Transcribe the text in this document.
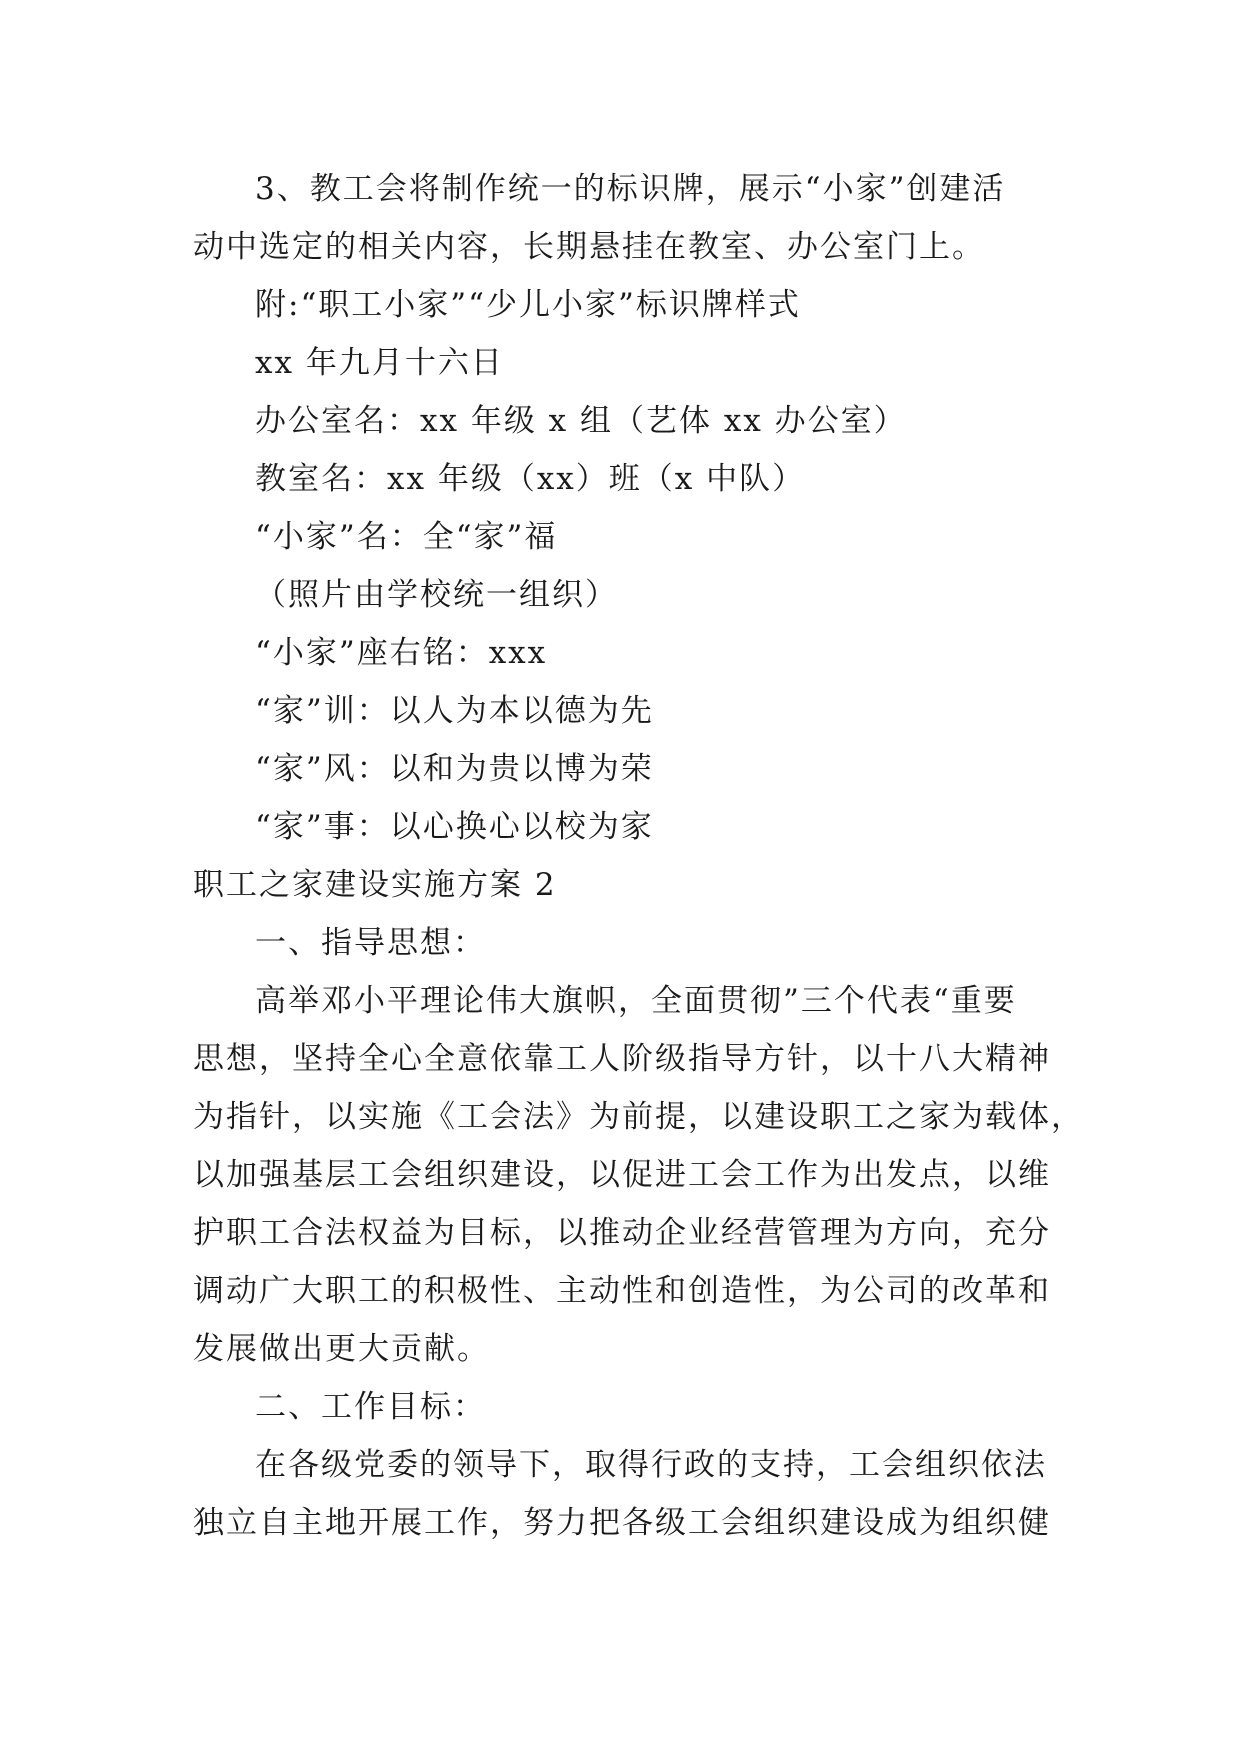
3、教工会将制作统一的标识牌，展示“小家”创建活
动中选定的相关内容，长期悬挂在教室、办公室门上。
附:“职工小家”“少儿小家”标识牌样式
xx 年九月十六日
办公室名：xx 年级 x 组（艺体 xx 办公室）
教室名：xx 年级（xx）班（x 中队）
“小家”名：全“家”福
（照片由学校统一组织）
“小家”座右铭：xxx
“家”训：以人为本以德为先
“家”风：以和为贵以博为荣
“家”事：以心换心以校为家
职工之家建设实施方案 2
一、指导思想：
高举邓小平理论伟大旗帜，全面贯彻”三个代表“重要
思想，坚持全心全意依靠工人阶级指导方针，以十八大精神
为指针，以实施《工会法》为前提，以建设职工之家为载体，
以加强基层工会组织建设，以促进工会工作为出发点，以维
护职工合法权益为目标，以推动企业经营管理为方向，充分
调动广大职工的积极性、主动性和创造性，为公司的改革和
发展做出更大贡献。
二、工作目标：
在各级党委的领导下，取得行政的支持，工会组织依法
独立自主地开展工作，努力把各级工会组织建设成为组织健
